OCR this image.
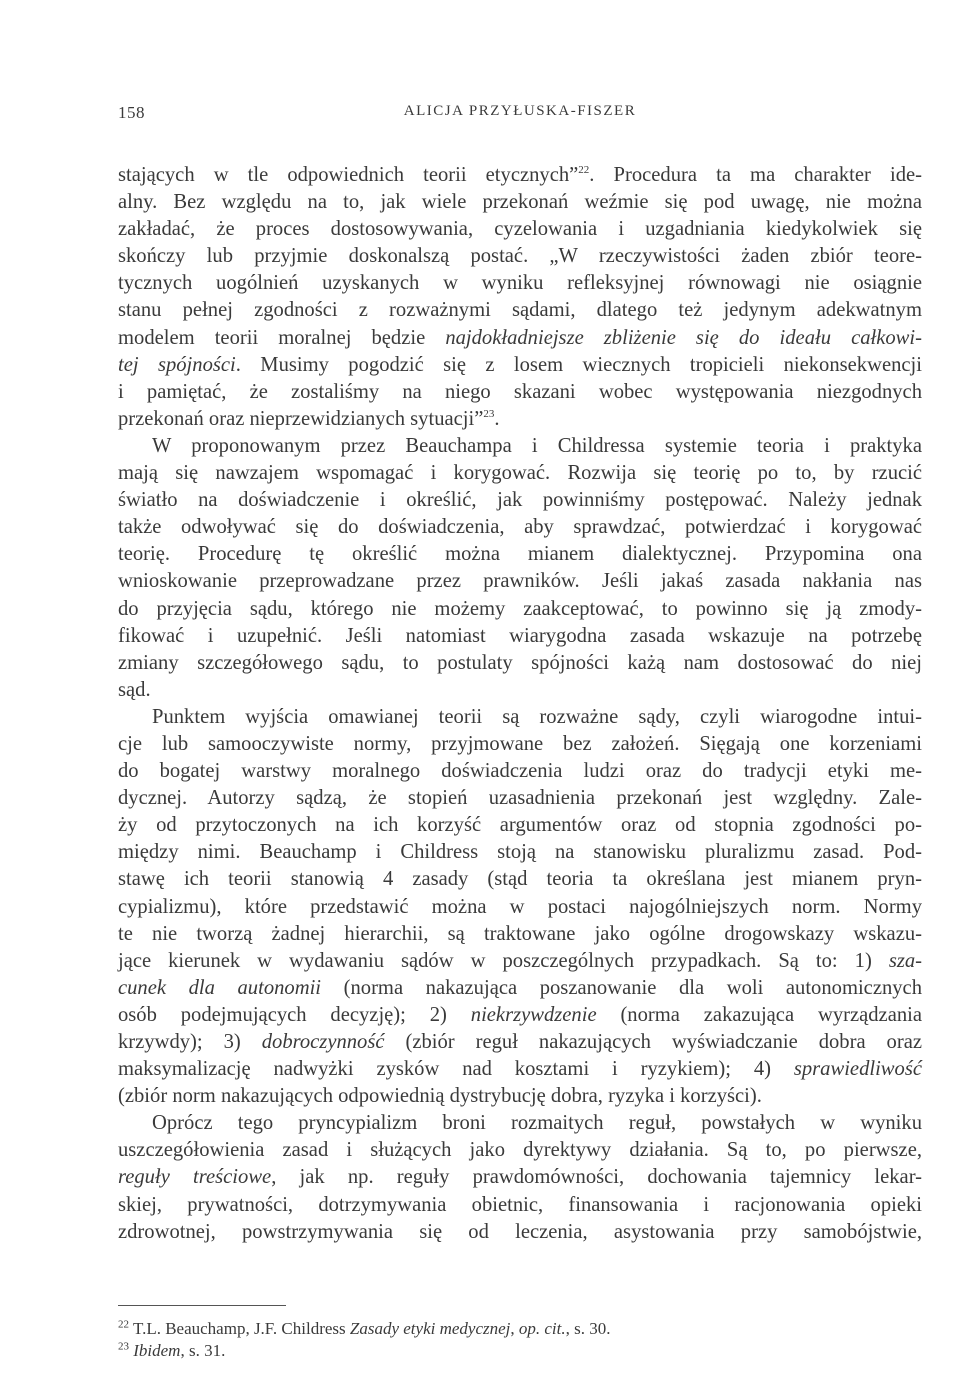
158	ALICJA PRZYŁUSKA-FISZER
stających w tle odpowiednich teorii etycznych”$^{22}$. Procedura ta ma charakter ide-
alny. Bez względu na to, jak wiele przekonań weźmie się pod uwagę, nie można
zakładać, że proces dostosowywania, cyzelowania i uzgadniania kiedykolwiek się
skończy lub przyjmie doskonalszą postać. „W rzeczywistości żaden zbiór teore-
tycznych uogólnień uzyskanych w wyniku refleksyjnej równowagi nie osiągnie
stanu pełnej zgodności z rozważnymi sądami, dlatego też jedynym adekwatnym
modelem teorii moralnej będzie najdokładniejsze zbliżenie się do ideału całkowi-
tej spójności. Musimy pogodzić się z losem wiecznych tropicieli niekonsekwencji
i pamiętać, że zostaliśmy na niego skazani wobec występowania niezgodnych
przekonań oraz nieprzewidzianych sytuacji”$^{23}$.
W proponowanym przez Beauchampa i Childressa systemie teoria i praktyka
mają się nawzajem wspomagać i korygować. Rozwija się teorię po to, by rzucić
światło na doświadczenie i określić, jak powinniśmy postępować. Należy jednak
także odwoływać się do doświadczenia, aby sprawdzać, potwierdzać i korygować
teorię. Procedurę tę określić można mianem dialektycznej. Przypomina ona
wnioskowanie przeprowadzane przez prawników. Jeśli jakaś zasada nakłania nas
do przyjęcia sądu, którego nie możemy zaakceptować, to powinno się ją zmody-
fikować i uzupełnić. Jeśli natomiast wiarygodna zasada wskazuje na potrzebę
zmiany szczegółowego sądu, to postulaty spójności każą nam dostosować do niej
sąd.
Punktem wyjścia omawianej teorii są rozważne sądy, czyli wiarogodne intui-
cje lub samooczywiste normy, przyjmowane bez założeń. Sięgają one korzeniami
do bogatej warstwy moralnego doświadczenia ludzi oraz do tradycji etyki me-
dycznej. Autorzy sądzą, że stopień uzasadnienia przekonań jest względny. Zale-
ży od przytoczonych na ich korzyść argumentów oraz od stopnia zgodności po-
między nimi. Beauchamp i Childress stoją na stanowisku pluralizmu zasad. Pod-
stawę ich teorii stanowią 4 zasady (stąd teoria ta określana jest mianem pryn-
cypializmu), które przedstawić można w postaci najogólniejszych norm. Normy
te nie tworzą żadnej hierarchii, są traktowane jako ogólne drogowskazy wskazu-
jące kierunek w wydawaniu sądów w poszczególnych przypadkach. Są to: 1) sza-
cunek dla autonomii (norma nakazująca poszanowanie dla woli autonomicznych
osób podejmujących decyzję); 2) niekrzywdzenie (norma zakazująca wyrządzania
krzywdy); 3) dobroczynność (zbiór reguł nakazujących wyświadczanie dobra oraz
maksymalizację nadwyżki zysków nad kosztami i ryzykiem); 4) sprawiedliwość
(zbiór norm nakazujących odpowiednią dystrybucję dobra, ryzyka i korzyści).
Oprócz tego pryncypializm broni rozmaitych reguł, powstałych w wyniku
uszczegółowienia zasad i służących jako dyrektywy działania. Są to, po pierwsze,
reguły treściowe, jak np. reguły prawdomówności, dochowania tajemnicy lekar-
skiej, prywatności, dotrzymywania obietnic, finansowania i racjonowania opieki
zdrowotnej, powstrzymywania się od leczenia, asystowania przy samobójstwie,
$^{22}$ T.L. Beauchamp, J.F. Childress Zasady etyki medycznej, op. cit., s. 30.
$^{23}$ Ibidem, s. 31.
